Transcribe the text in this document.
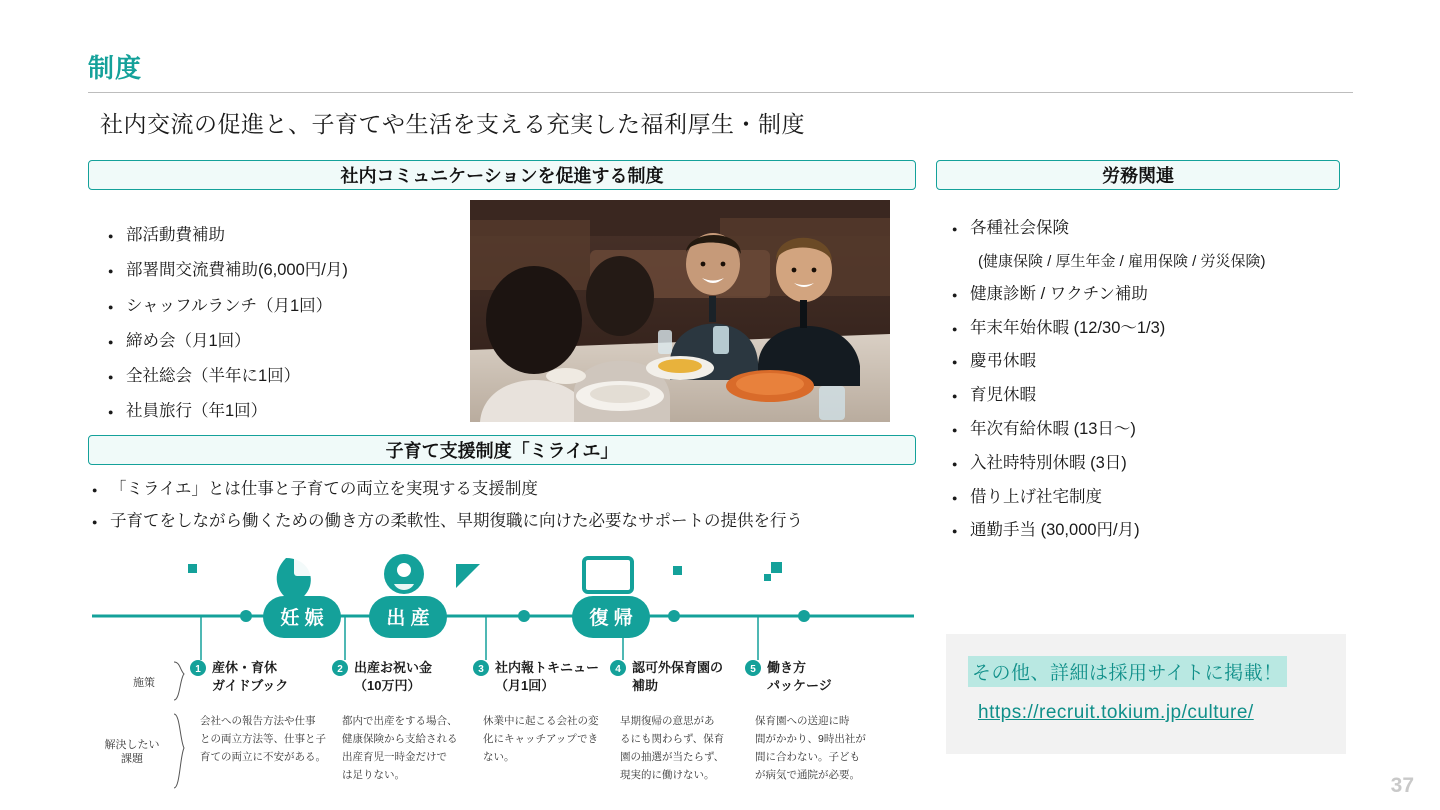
制度
社内交流の促進と、子育てや生活を支える充実した福利厚生・制度
社内コミュニケーションを促進する制度
● 部活動費補助
● 部署間交流費補助(6,000円/月)
● シャッフルランチ（月1回）
● 締め会（月1回）
● 全社総会（半年に1回）
● 社員旅行（年1回）
労務関連
● 各種社会保険
(健康保険 / 厚生年金 / 雇用保険 / 労災保険)
● 健康診断 / ワクチン補助
● 年末年始休暇 (12/30〜1/3)
● 慶弔休暇
● 育児休暇
● 年次有給休暇 (13日〜)
● 入社時特別休暇 (3日)
● 借り上げ社宅制度
● 通勤手当 (30,000円/月)
子育て支援制度「ミライエ」
● 「ミライエ」とは仕事と子育ての両立を実現する支援制度
● 子育てをしながら働くための働き方の柔軟性、早期復職に向けた必要なサポートの提供を行う
妊 娠	出 産	復 帰
施策
解決したい
課題
1 産休・育休
ガイドブック
会社への報告方法や仕事
との両立方法等、仕事と子
育ての両立に不安がある。
2 出産お祝い金
（10万円）
都内で出産をする場合、
健康保険から支給される
出産育児一時金だけで
は足りない。
3 社内報トキニュー
（月1回）
休業中に起こる会社の変
化にキャッチアップでき
ない。
4 認可外保育園の
補助
早期復帰の意思があ
るにも関わらず、保育
園の抽選が当たらず、
現実的に働けない。
5 働き方
パッケージ
保育園への送迎に時
間がかかり、9時出社が
間に合わない。子ども
が病気で通院が必要。
その他、詳細は採用サイトに掲載！
https://recruit.tokium.jp/culture/
37
